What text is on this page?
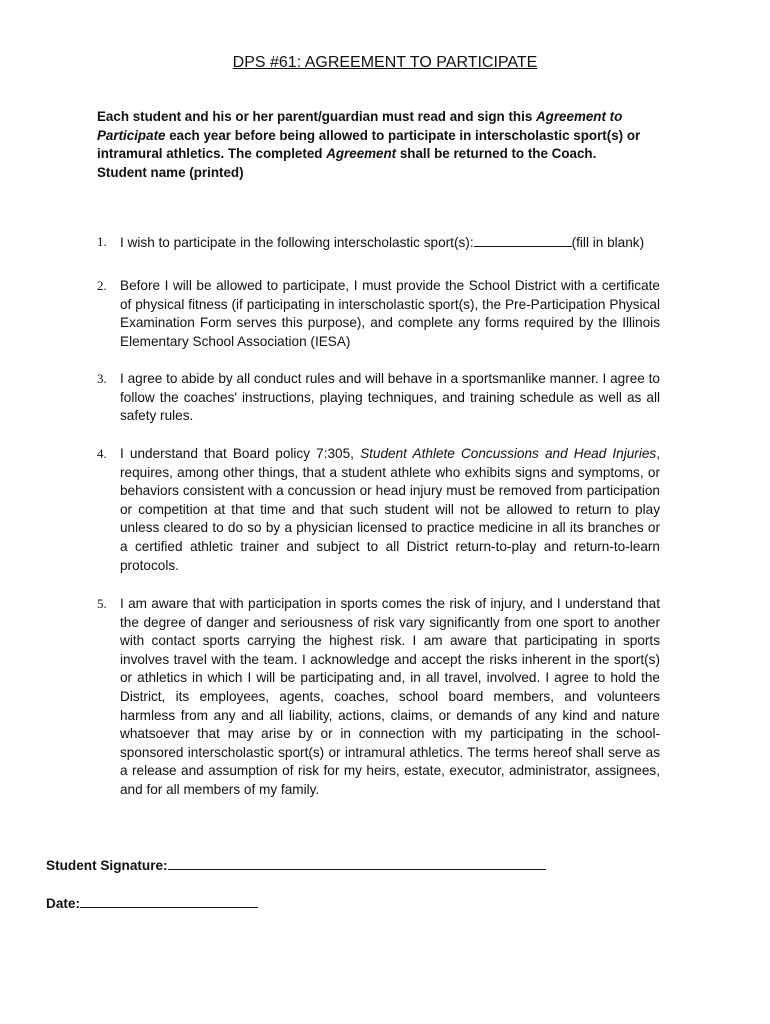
DPS #61: AGREEMENT TO PARTICIPATE
Each student and his or her parent/guardian must read and sign this Agreement to Participate each year before being allowed to participate in interscholastic sport(s) or intramural athletics. The completed Agreement shall be returned to the Coach.
Student name (printed)
1. I wish to participate in the following interscholastic sport(s):	(fill in blank)
2. Before I will be allowed to participate, I must provide the School District with a certificate of physical fitness (if participating in interscholastic sport(s), the Pre-Participation Physical Examination Form serves this purpose), and complete any forms required by the Illinois Elementary School Association (IESA)
3. I agree to abide by all conduct rules and will behave in a sportsmanlike manner. I agree to follow the coaches' instructions, playing techniques, and training schedule as well as all safety rules.
4. I understand that Board policy 7:305, Student Athlete Concussions and Head Injuries, requires, among other things, that a student athlete who exhibits signs and symptoms, or behaviors consistent with a concussion or head injury must be removed from participation or competition at that time and that such student will not be allowed to return to play unless cleared to do so by a physician licensed to practice medicine in all its branches or a certified athletic trainer and subject to all District return-to-play and return-to-learn protocols.
5. I am aware that with participation in sports comes the risk of injury, and I understand that the degree of danger and seriousness of risk vary significantly from one sport to another with contact sports carrying the highest risk. I am aware that participating in sports involves travel with the team. I acknowledge and accept the risks inherent in the sport(s) or athletics in which I will be participating and, in all travel, involved. I agree to hold the District, its employees, agents, coaches, school board members, and volunteers harmless from any and all liability, actions, claims, or demands of any kind and nature whatsoever that may arise by or in connection with my participating in the school-sponsored interscholastic sport(s) or intramural athletics. The terms hereof shall serve as a release and assumption of risk for my heirs, estate, executor, administrator, assignees, and for all members of my family.
Student Signature:
Date:
